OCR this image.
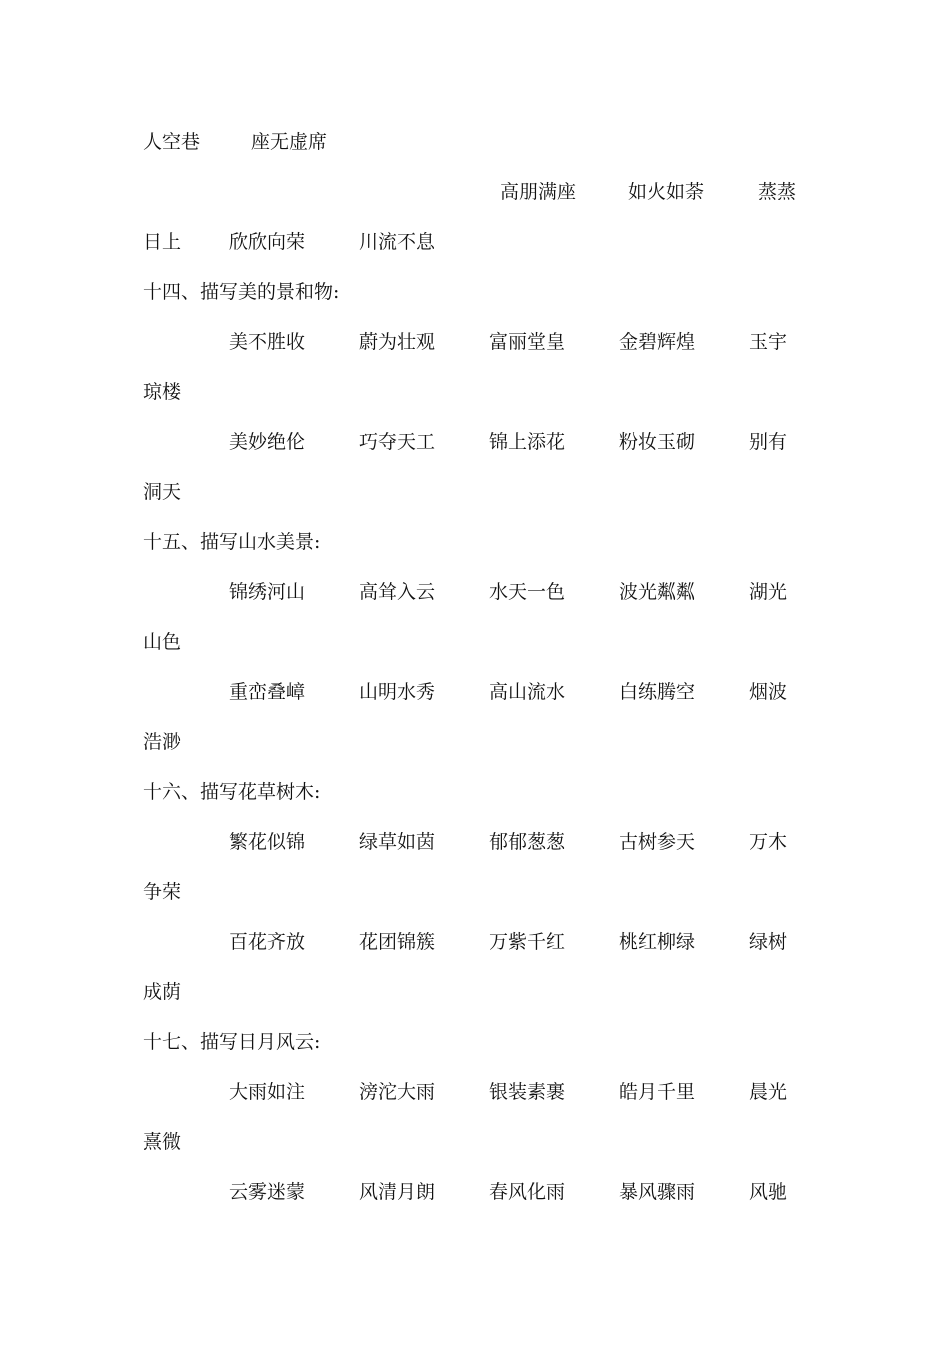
人空巷	座无虚席
高朋满座	如火如荼	蒸蒸
日上	欣欣向荣	川流不息
十四、描写美的景和物:
美不胜收	蔚为壮观	富丽堂皇	金碧辉煌	玉宇
琼楼
美妙绝伦	巧夺天工	锦上添花	粉妆玉砌	别有
洞天
十五、描写山水美景:
锦绣河山	高耸入云	水天一色	波光粼粼	湖光
山色
重峦叠嶂	山明水秀	高山流水	白练腾空	烟波
浩渺
十六、描写花草树木:
繁花似锦	绿草如茵	郁郁葱葱	古树参天	万木
争荣
百花齐放	花团锦簇	万紫千红	桃红柳绿	绿树
成荫
十七、描写日月风云:
大雨如注	滂沱大雨	银装素裹	皓月千里	晨光
熹微
云雾迷蒙	风清月朗	春风化雨	暴风骤雨	风驰
